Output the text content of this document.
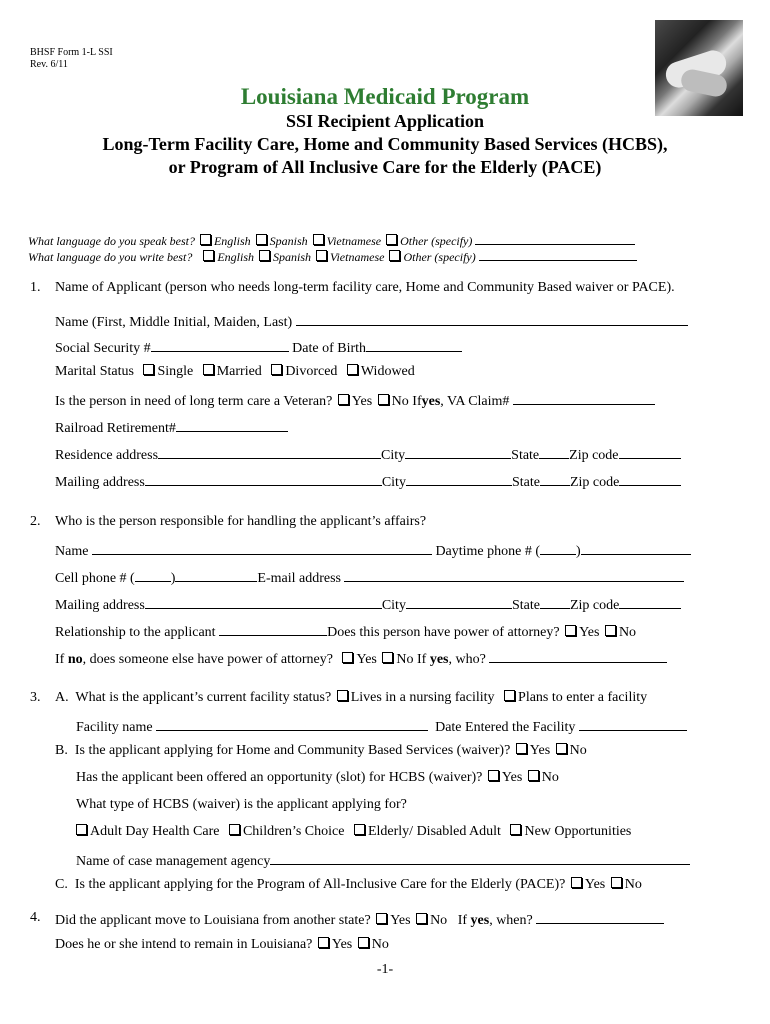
BHSF Form 1-L SSI
Rev. 6/11
Louisiana Medicaid Program
SSI Recipient Application
Long-Term Facility Care, Home and Community Based Services (HCBS),
or Program of All Inclusive Care for the Elderly (PACE)
What language do you speak best? English Spanish Vietnamese Other (specify)
What language do you write best? English Spanish Vietnamese Other (specify)
1. Name of Applicant (person who needs long-term facility care, Home and Community Based waiver or PACE).
Name (First, Middle Initial, Maiden, Last)
Social Security #	Date of Birth
Marital Status Single Married Divorced Widowed
Is the person in need of long term care a Veteran? Yes No Ifyes, VA Claim#
Railroad Retirement#
Residence address	City	State Zip code
Mailing address	City	State Zip code
2. Who is the person responsible for handling the applicant’s affairs?
Name	Daytime phone # (	)
Cell phone # (	)	E-mail address
Mailing address	City	State Zip code
Relationship to the applicant	Does this person have power of attorney? Yes No
If no, does someone else have power of attorney? Yes No If yes, who?
3. A. What is the applicant’s current facility status? Lives in a nursing facility Plans to enter a facility
Facility name	Date Entered the Facility
B. Is the applicant applying for Home and Community Based Services (waiver)? Yes No
Has the applicant been offered an opportunity (slot) for HCBS (waiver)? Yes No
What type of HCBS (waiver) is the applicant applying for?
Adult Day Health Care Children’s Choice Elderly/ Disabled Adult New Opportunities
Name of case management agency
C. Is the applicant applying for the Program of All-Inclusive Care for the Elderly (PACE)? Yes No
4. Did the applicant move to Louisiana from another state? Yes No If yes, when?
Does he or she intend to remain in Louisiana? Yes No
-1-
